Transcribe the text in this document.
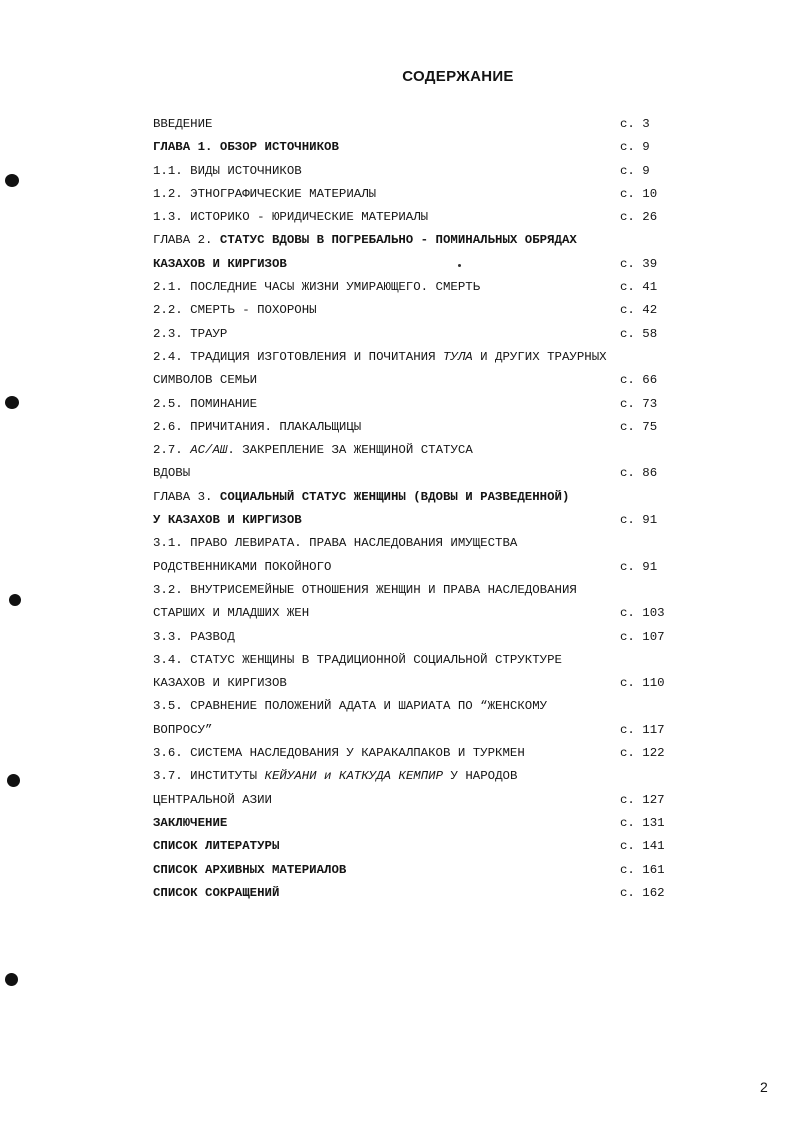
СОДЕРЖАНИЕ
ВВЕДЕНИЕ	с. 3
ГЛАВА 1. ОБЗОР ИСТОЧНИКОВ	с. 9
1.1. ВИДЫ ИСТОЧНИКОВ	с. 9
1.2. ЭТНОГРАФИЧЕСКИЕ МАТЕРИАЛЫ	с. 10
1.3. ИСТОРИКО - ЮРИДИЧЕСКИЕ МАТЕРИАЛЫ	с. 26
ГЛАВА 2. СТАТУС ВДОВЫ В ПОГРЕБАЛЬНО - ПОМИНАЛЬНЫХ ОБРЯДАХ
КАЗАХОВ И КИРГИЗОВ	с. 39
2.1. ПОСЛЕДНИЕ ЧАСЫ ЖИЗНИ УМИРАЮЩЕГО. СМЕРТЬ	с. 41
2.2. СМЕРТЬ - ПОХОРОНЫ	с. 42
2.3. ТРАУР	с. 58
2.4. ТРАДИЦИЯ ИЗГОТОВЛЕНИЯ И ПОЧИТАНИЯ ТУЛА И ДРУГИХ ТРАУРНЫХ
СИМВОЛОВ СЕМЬИ	с. 66
2.5. ПОМИНАНИЕ	с. 73
2.6. ПРИЧИТАНИЯ. ПЛАКАЛЬЩИЦЫ	с. 75
2.7. АС/АШ. ЗАКРЕПЛЕНИЕ ЗА ЖЕНЩИНОЙ СТАТУСА
ВДОВЫ	с. 86
ГЛАВА 3. СОЦИАЛЬНЫЙ СТАТУС ЖЕНЩИНЫ (ВДОВЫ И РАЗВЕДЕННОЙ)
У КАЗАХОВ И КИРГИЗОВ	с. 91
3.1. ПРАВО ЛЕВИРАТА. ПРАВА НАСЛЕДОВАНИЯ ИМУЩЕСТВА
РОДСТВЕННИКАМИ ПОКОЙНОГО	с. 91
3.2. ВНУТРИСЕМЕЙНЫЕ ОТНОШЕНИЯ ЖЕНЩИН И ПРАВА НАСЛЕДОВАНИЯ
СТАРШИХ И МЛАДШИХ ЖЕН	с. 103
3.3. РАЗВОД	с. 107
3.4. СТАТУС ЖЕНЩИНЫ В ТРАДИЦИОННОЙ СОЦИАЛЬНОЙ СТРУКТУРЕ
КАЗАХОВ И КИРГИЗОВ	с. 110
3.5. СРАВНЕНИЕ ПОЛОЖЕНИЙ АДАТА И ШАРИАТА ПО “ЖЕНСКОМУ
ВОПРОСУ”	с. 117
3.6. СИСТЕМА НАСЛЕДОВАНИЯ У КАРАКАЛПАКОВ И ТУРКМЕН	с. 122
3.7. ИНСТИТУТЫ КЕЙУАНИ и КАТКУДА КЕМПИР У НАРОДОВ
ЦЕНТРАЛЬНОЙ АЗИИ	с. 127
ЗАКЛЮЧЕНИЕ	с. 131
СПИСОК ЛИТЕРАТУРЫ	с. 141
СПИСОК АРХИВНЫХ МАТЕРИАЛОВ	с. 161
СПИСОК СОКРАЩЕНИЙ	с. 162
2
